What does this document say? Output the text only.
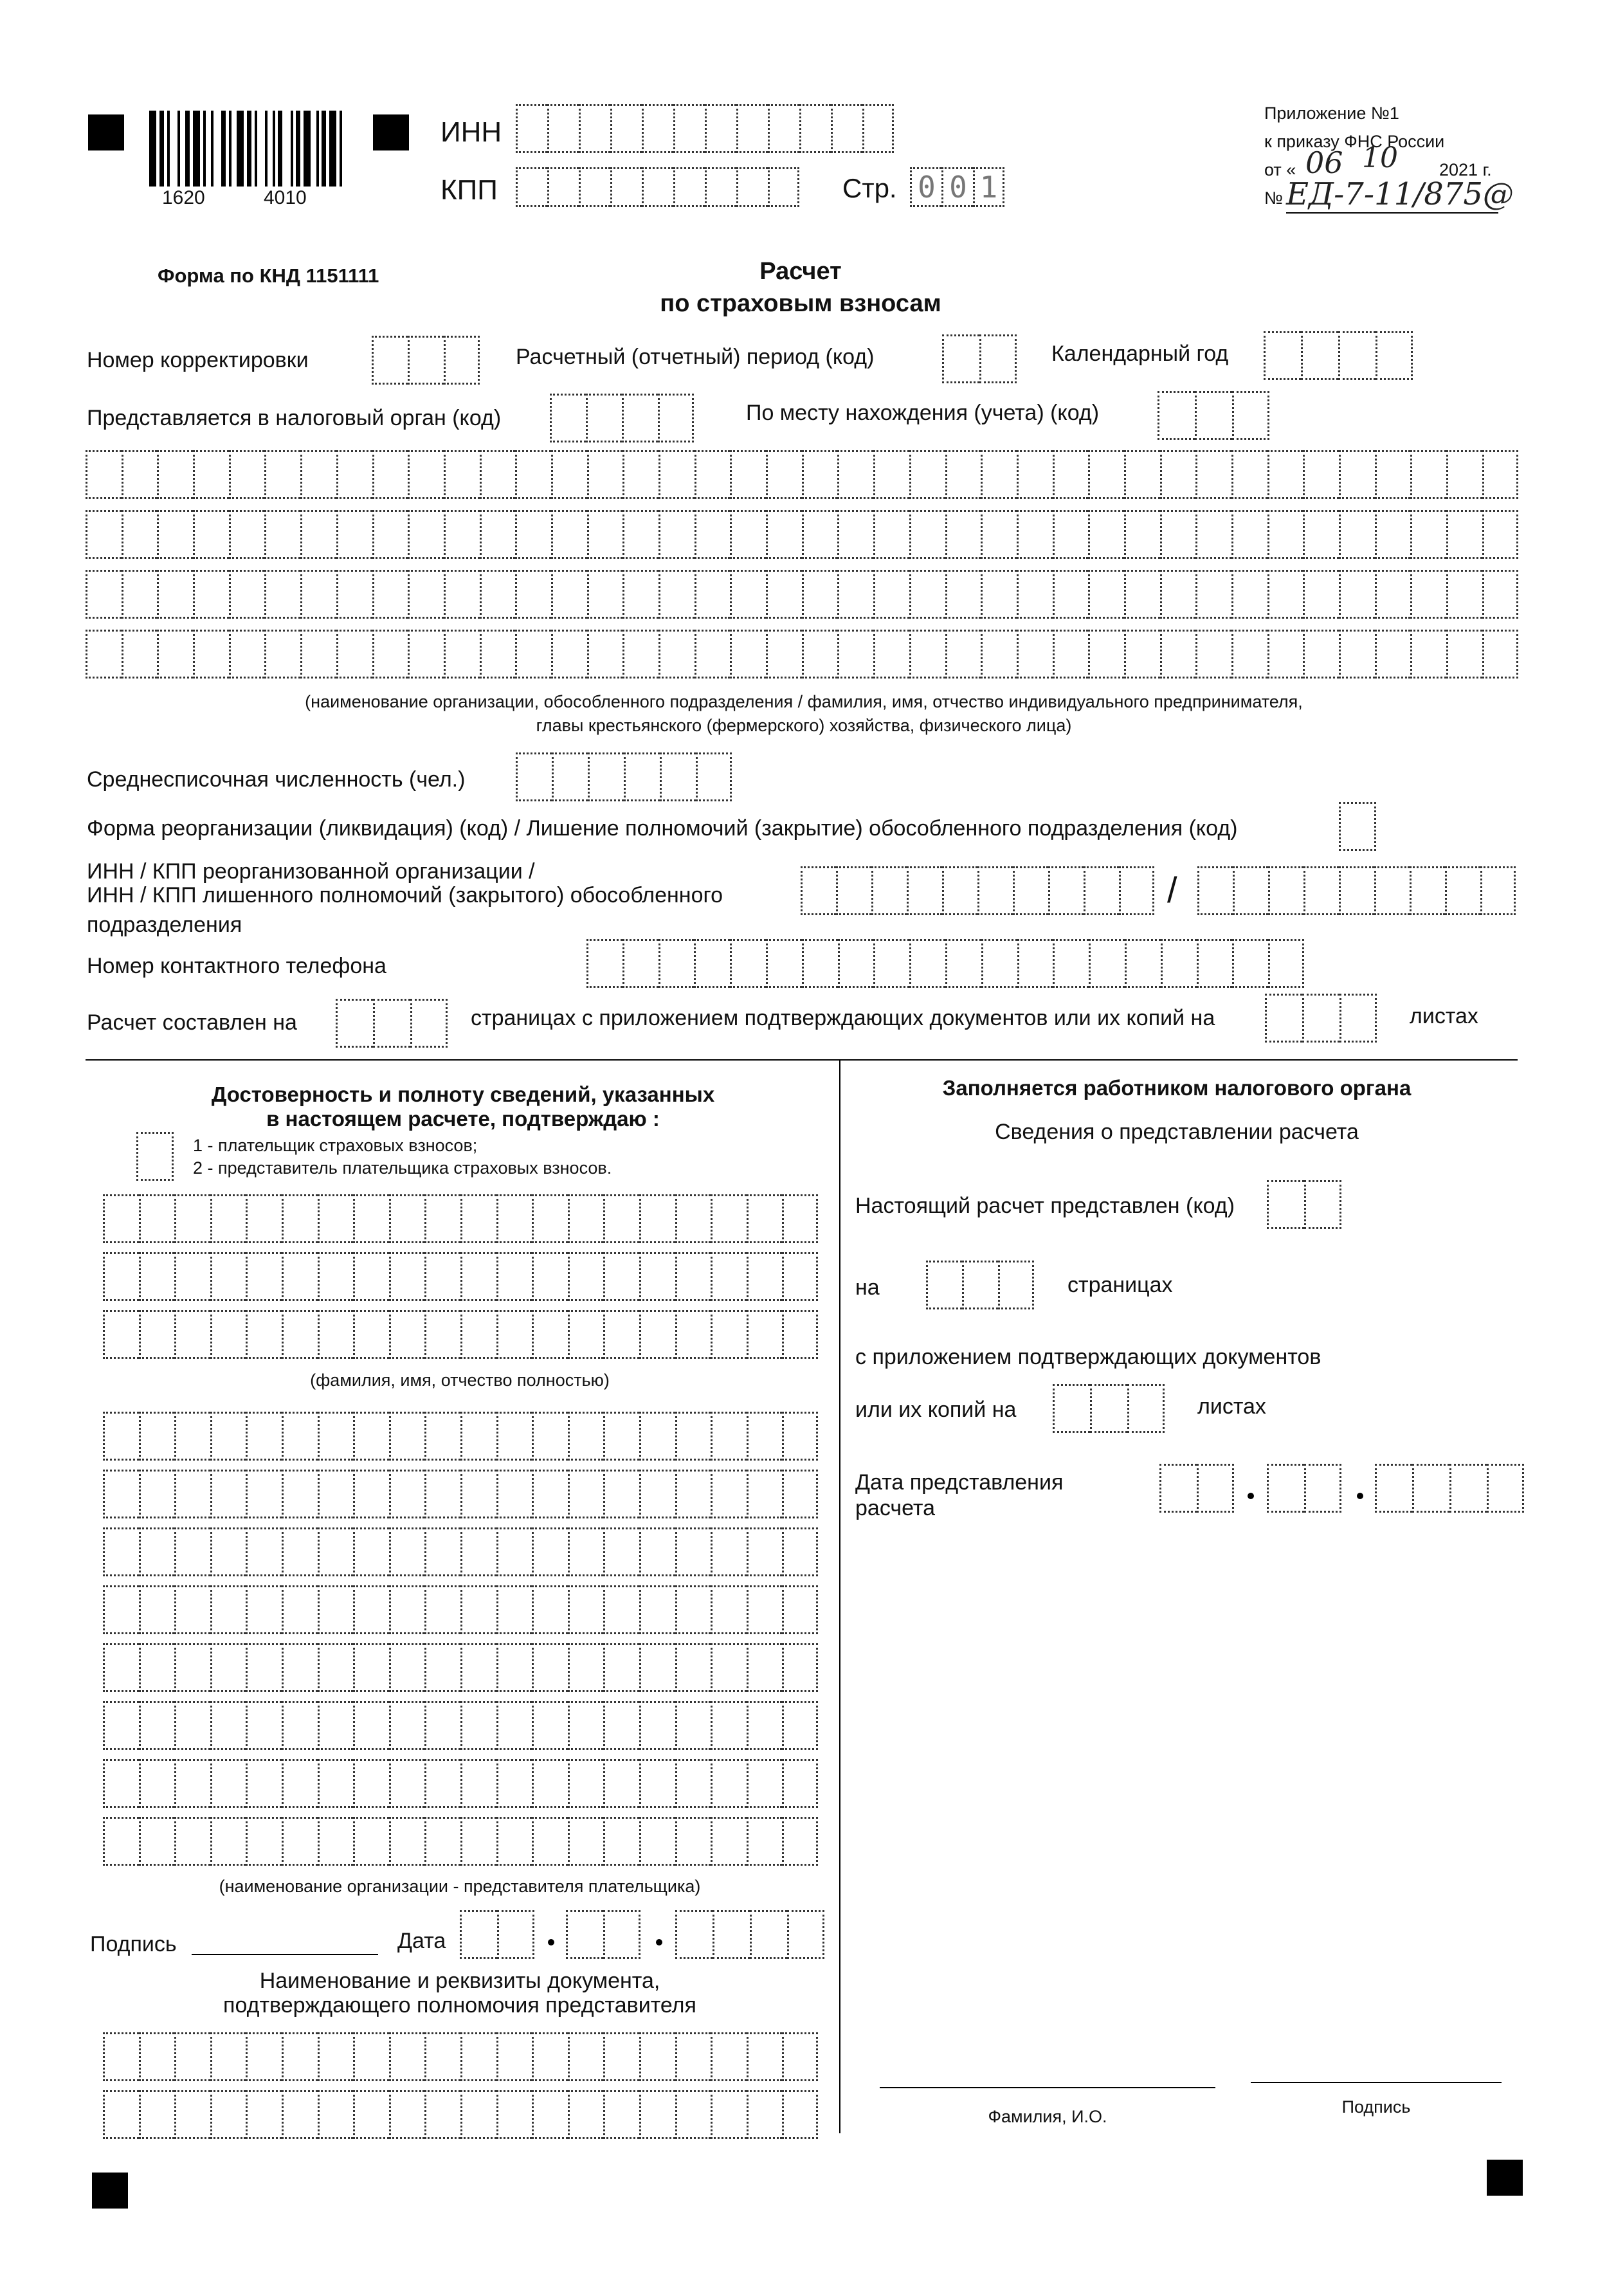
1620	4010
ИНН
КПП	Стр. 0 0 1
Приложение №1
к приказу ФНС России
от « 06 10 2021 г.
№ ЕД-7-11/875@
Форма по КНД 1151111	Расчет
по страховым взносам
Номер корректировки	Расчетный (отчетный) период (код)	Календарный год
Представляется в налоговый орган (код)	По месту нахождения (учета) (код)
(наименование организации, обособленного подразделения / фамилия, имя, отчество индивидуального предпринимателя,
главы крестьянского (фермерского) хозяйства, физического лица)
Среднесписочная численность (чел.)
Форма реорганизации (ликвидация) (код) / Лишение полномочий (закрытие) обособленного подразделения (код)
ИНН / КПП реорганизованной организации /
ИНН / КПП лишенного полномочий (закрытого) обособленного
подразделения
/
Номер контактного телефона
Расчет составлен на	страницах с приложением подтверждающих документов или их копий на	листах
Достоверность и полноту сведений, указанных
в настоящем расчете, подтверждаю :
1 - плательщик страховых взносов;
2 - представитель плательщика страховых взносов.
(фамилия, имя, отчество полностью)
(наименование организации - представителя плательщика)
Подпись	Дата
Наименование и реквизиты документа,
подтверждающего полномочия представителя
Заполняется работником налогового органа
Сведения о представлении расчета
Настоящий расчет представлен (код)
на	страницах
с приложением подтверждающих документов
или их копий на	листах
Дата представления
расчета
Фамилия, И.О.	Подпись
